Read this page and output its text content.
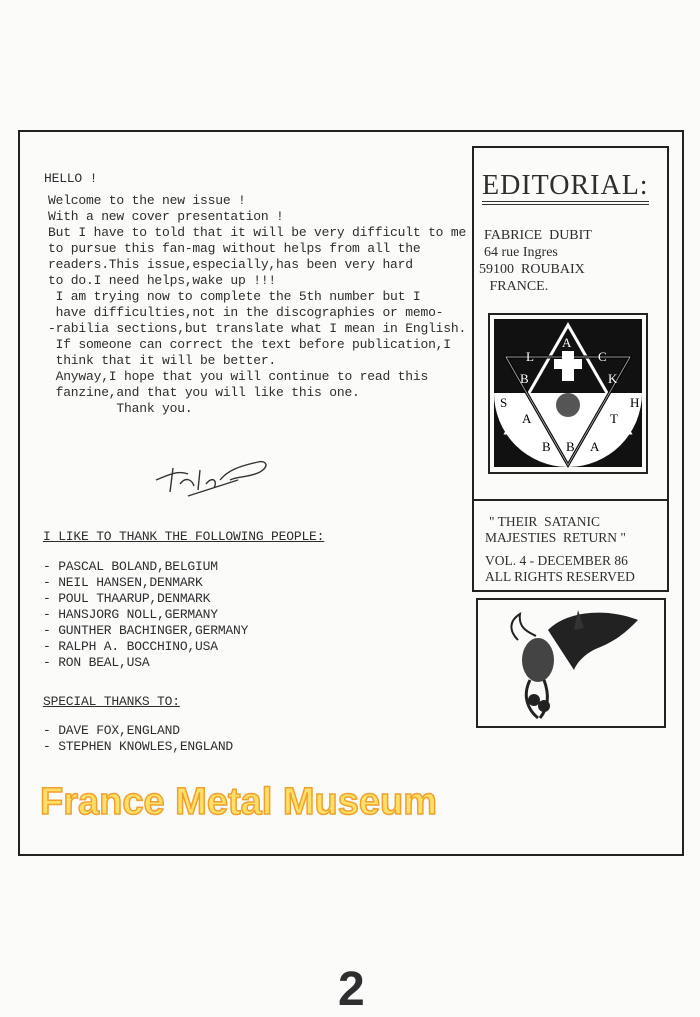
HELLO !
Welcome to the new issue !
With a new cover presentation !
But I have to told that it will be very difficult to me
to pursue this fan-mag without helps from all the
readers.This issue,especially,has been very hard
to do.I need helps,wake up !!!
I am trying now to complete the 5th number but I
have difficulties,not in the discographies or memo-
-rabilia sections,but translate what I mean in English.
If someone can correct the text before publication,I
think that it will be better.
Anyway,I hope that you will continue to read this
fanzine,and that you will like this one.
Thank you.
I LIKE TO THANK THE FOLLOWING PEOPLE:
- PASCAL BOLAND,BELGIUM
- NEIL HANSEN,DENMARK
- POUL THAARUP,DENMARK
- HANSJORG NOLL,GERMANY
- GUNTHER BACHINGER,GERMANY
- RALPH A. BOCCHINO,USA
- RON BEAL,USA
SPECIAL THANKS TO:
- DAVE FOX,ENGLAND
- STEPHEN KNOWLES,ENGLAND
EDITORIAL:
FABRICE  DUBIT
64 rue Ingres
59100  ROUBAIX
FRANCE.
A
L	C
B	K
S	H
A	T
B B A
" THEIR  SATANIC
MAJESTIES  RETURN "
VOL. 4 - DECEMBER 86
ALL RIGHTS RESERVED
France Metal Museum
2
